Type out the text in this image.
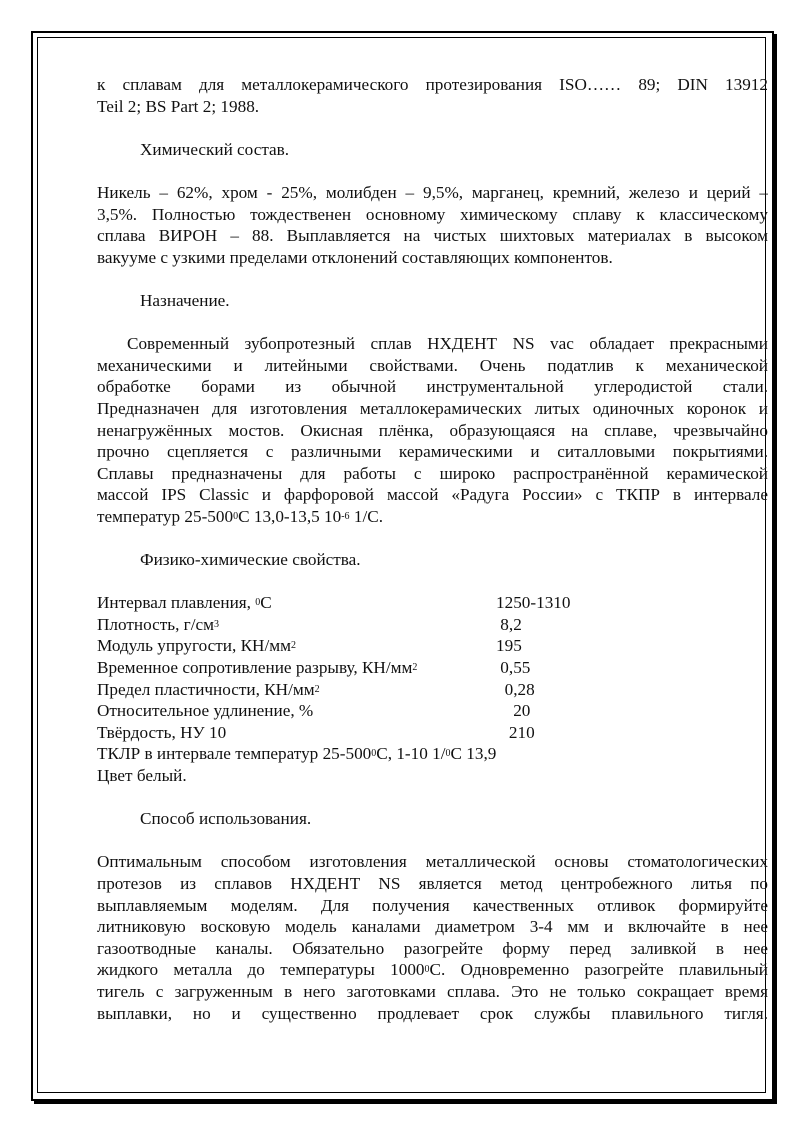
к сплавам для металлокерамического протезирования ISO…… 89; DIN 13912

Teil 2; BS Part 2; 1988.

Химический состав.

Никель – 62%, хром - 25%, молибден – 9,5%, марганец, кремний, железо и церий –

3,5%. Полностью тождественен основному химическому сплаву к классическому

сплава ВИРОН – 88. Выплавляется на чистых шихтовых материалах в высоком

вакууме с узкими пределами отклонений составляющих компонентов.

Назначение.

Современный зубопротезный сплав НХДЕНТ NS vac обладает прекрасными

механическими и литейными свойствами. Очень податлив к механической

обработке борами из обычной инструментальной углеродистой стали.

Предназначен для изготовления металлокерамических литых одиночных коронок и

ненагружённых мостов. Окисная плёнка, образующаяся на сплаве, чрезвычайно

прочно сцепляется с различными керамическими и ситалловыми покрытиями.

Сплавы предназначены для работы с широко распространённой керамической

массой IPS Classic и фарфоровой массой «Радуга России» с ТКПР в интервале

температур $25-500^0С$ 13,0-13,5 $10^{-6}$ 1/С.

Физико-химические свойства.

Интервал плавления, $^0$С	1250-1310
Плотность, $г/см^3$	8,2
Модуль упругости, $КН/мм^2$	195
Временное сопротивление разрыву, $КН/мм^2$	0,55
Предел пластичности, $КН/мм^2$	0,28
Относительное удлинение, %	20
Твёрдость, НУ 10	210

ТКЛР в интервале температур $25-500^0С$, 1-10 1/$^0$С 13,9

Цвет белый.

Способ использования.

Оптимальным способом изготовления металлической основы стоматологических

протезов из сплавов НХДЕНТ NS является метод центробежного литья по

выплавляемым моделям. Для получения качественных отливок формируйте

литниковую восковую модель каналами диаметром 3-4 мм и включайте в нее

газоотводные каналы. Обязательно разогрейте форму перед заливкой в нее

жидкого металла до температуры 1000$^0$С. Одновременно разогрейте плавильный

тигель с загруженным в него заготовками сплава. Это не только сокращает время

выплавки, но и существенно продлевает срок службы плавильного тигля.
